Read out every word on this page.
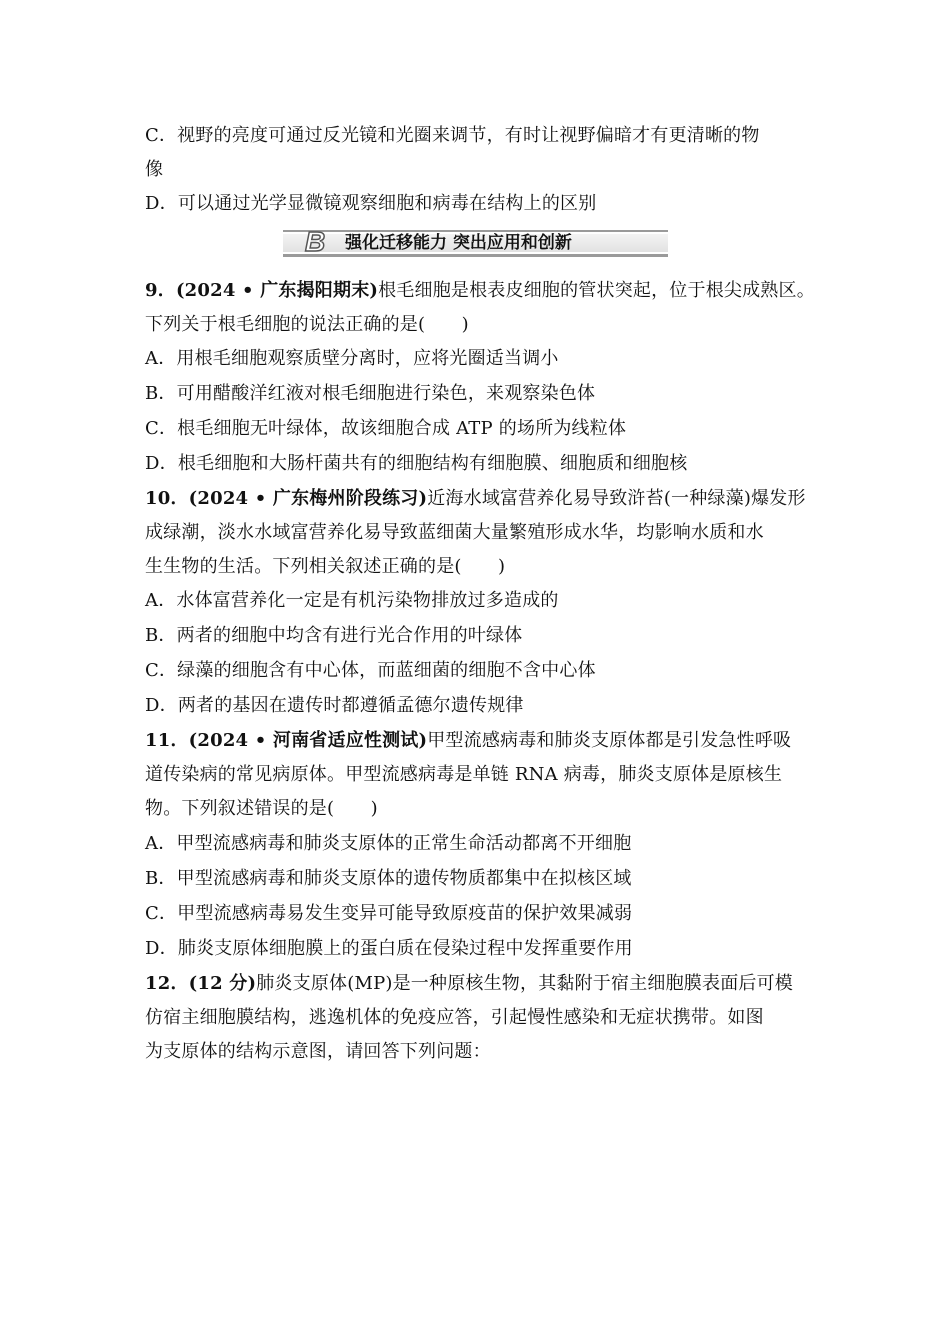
C．视野的亮度可通过反光镜和光圈来调节，有时让视野偏暗才有更清晰的物
像
D．可以通过光学显微镜观察细胞和病毒在结构上的区别
B 强化迁移能力 突出应用和创新
9．(2024 • 广东揭阳期末)根毛细胞是根表皮细胞的管状突起，位于根尖成熟区。
下列关于根毛细胞的说法正确的是(　　)
A．用根毛细胞观察质壁分离时，应将光圈适当调小
B．可用醋酸洋红液对根毛细胞进行染色，来观察染色体
C．根毛细胞无叶绿体，故该细胞合成 ATP 的场所为线粒体
D．根毛细胞和大肠杆菌共有的细胞结构有细胞膜、细胞质和细胞核
10．(2024 • 广东梅州阶段练习)近海水域富营养化易导致浒苔(一种绿藻)爆发形
成绿潮，淡水水域富营养化易导致蓝细菌大量繁殖形成水华，均影响水质和水
生生物的生活。下列相关叙述正确的是(　　)
A．水体富营养化一定是有机污染物排放过多造成的
B．两者的细胞中均含有进行光合作用的叶绿体
C．绿藻的细胞含有中心体，而蓝细菌的细胞不含中心体
D．两者的基因在遗传时都遵循孟德尔遗传规律
11．(2024 • 河南省适应性测试)甲型流感病毒和肺炎支原体都是引发急性呼吸
道传染病的常见病原体。甲型流感病毒是单链 RNA 病毒，肺炎支原体是原核生
物。下列叙述错误的是(　　)
A．甲型流感病毒和肺炎支原体的正常生命活动都离不开细胞
B．甲型流感病毒和肺炎支原体的遗传物质都集中在拟核区域
C．甲型流感病毒易发生变异可能导致原疫苗的保护效果减弱
D．肺炎支原体细胞膜上的蛋白质在侵染过程中发挥重要作用
12．(12 分)肺炎支原体(MP)是一种原核生物，其黏附于宿主细胞膜表面后可模
仿宿主细胞膜结构，逃逸机体的免疫应答，引起慢性感染和无症状携带。如图
为支原体的结构示意图，请回答下列问题：
